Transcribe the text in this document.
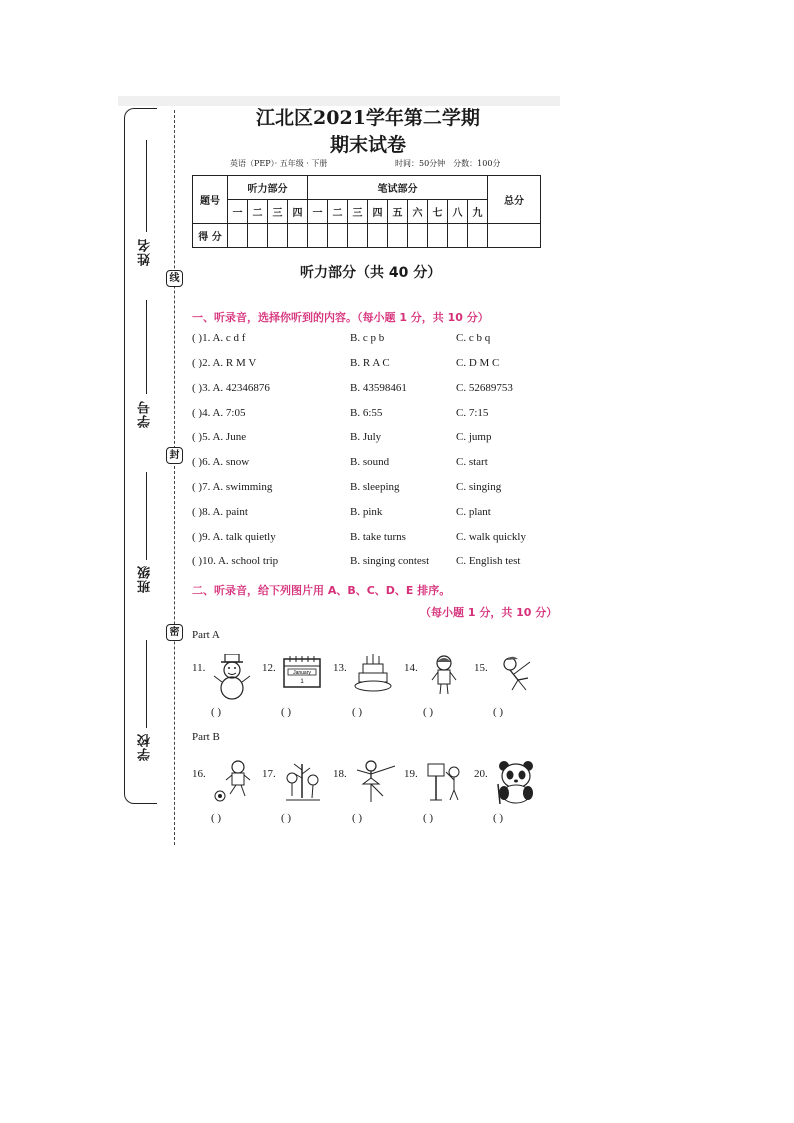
姓名
学号
班级
学校
线
封
密
江北区2021学年第二学期
期末试卷
英语（PEP）· 五年级 · 下册	时间：50分钟　分数：100分
题号	听力部分				笔试部分									总分
	一	二	三	四	一	二	三	四	五	六	七	八	九	
得 分														
听力部分（共 40 分）
一、听录音，选择你听到的内容。（每小题 1 分，共 10 分）
( )1. A. c d f	B. c p b	C. c b q
( )2. A. R M V	B. R A C	C. D M C
( )3. A. 42346876	B. 43598461	C. 52689753
( )4. A. 7:05	B. 6:55	C. 7:15
( )5. A. June	B. July	C. jump
( )6. A. snow	B. sound	C. start
( )7. A. swimming	B. sleeping	C. singing
( )8. A. paint	B. pink	C. plant
( )9. A. talk quietly	B. take turns	C. walk quickly
( )10. A. school trip	B. singing contest C. English test
二、听录音，给下列图片用 A、B、C、D、E 排序。
（每小题 1 分，共 10 分）
Part A
Part B
11.
( )
12.	January
1
( )
13.
( )
14.
( )
15.
( )
16.
( )
17.
( )
18.
( )
19.
( )
20.
( )
